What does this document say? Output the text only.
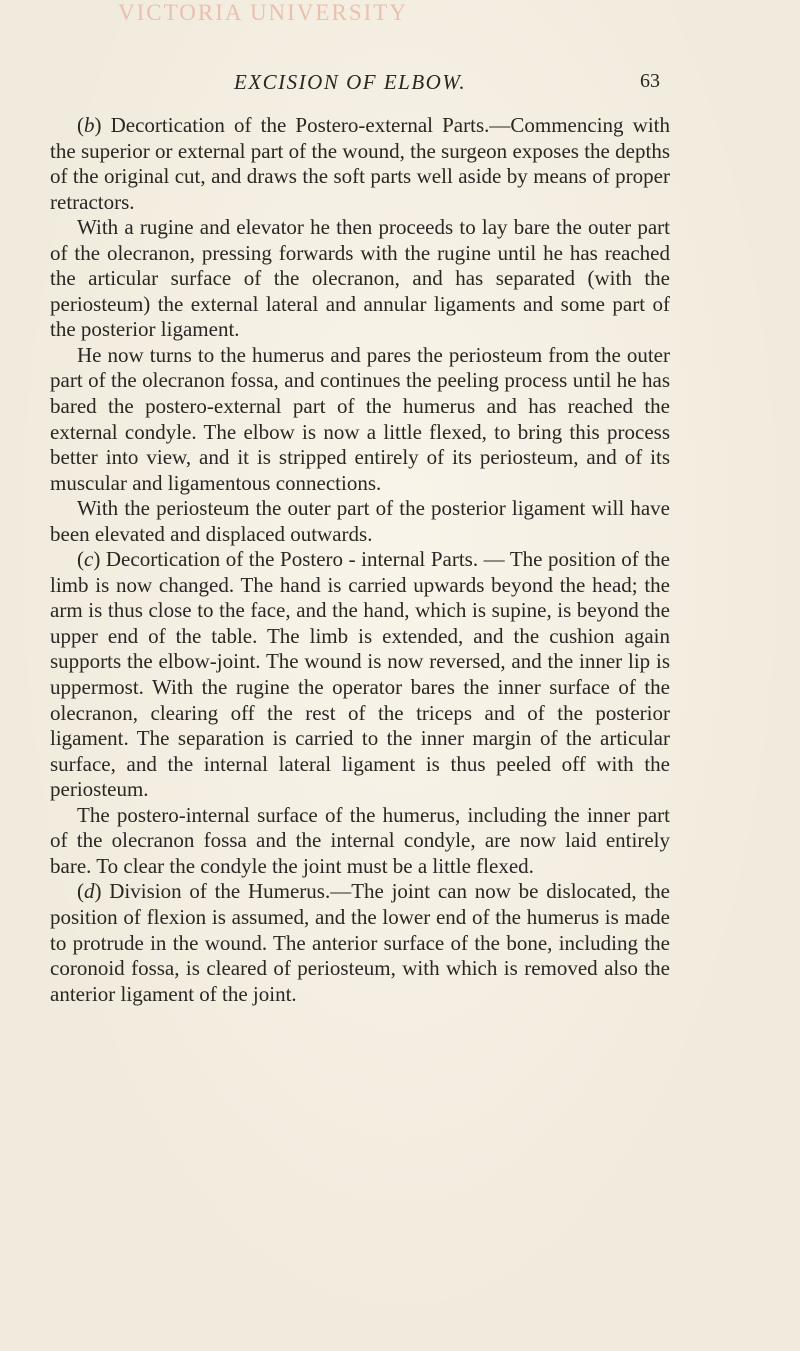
VICTORIA UNIVERSITY
EXCISION OF ELBOW.	63

(b) Decortication of the Postero-external Parts.—Commencing with the superior or external part of the wound, the surgeon exposes the depths of the original cut, and draws the soft parts well aside by means of proper retractors.

With a rugine and elevator he then proceeds to lay bare the outer part of the olecranon, pressing forwards with the rugine until he has reached the articular surface of the olecranon, and has separated (with the periosteum) the external lateral and annular ligaments and some part of the posterior ligament.

He now turns to the humerus and pares the periosteum from the outer part of the olecranon fossa, and continues the peeling process until he has bared the postero-external part of the humerus and has reached the external condyle. The elbow is now a little flexed, to bring this process better into view, and it is stripped entirely of its periosteum, and of its muscular and ligamentous connections.

With the periosteum the outer part of the posterior ligament will have been elevated and displaced outwards.

(c) Decortication of the Postero - internal Parts. — The position of the limb is now changed. The hand is carried upwards beyond the head; the arm is thus close to the face, and the hand, which is supine, is beyond the upper end of the table. The limb is extended, and the cushion again supports the elbow-joint. The wound is now reversed, and the inner lip is uppermost. With the rugine the operator bares the inner surface of the olecranon, clearing off the rest of the triceps and of the posterior ligament. The separation is carried to the inner margin of the articular surface, and the internal lateral ligament is thus peeled off with the periosteum.

The postero-internal surface of the humerus, including the inner part of the olecranon fossa and the internal condyle, are now laid entirely bare. To clear the condyle the joint must be a little flexed.

(d) Division of the Humerus.—The joint can now be dislocated, the position of flexion is assumed, and the lower end of the humerus is made to protrude in the wound. The anterior surface of the bone, including the coronoid fossa, is cleared of periosteum, with which is removed also the anterior ligament of the joint.
